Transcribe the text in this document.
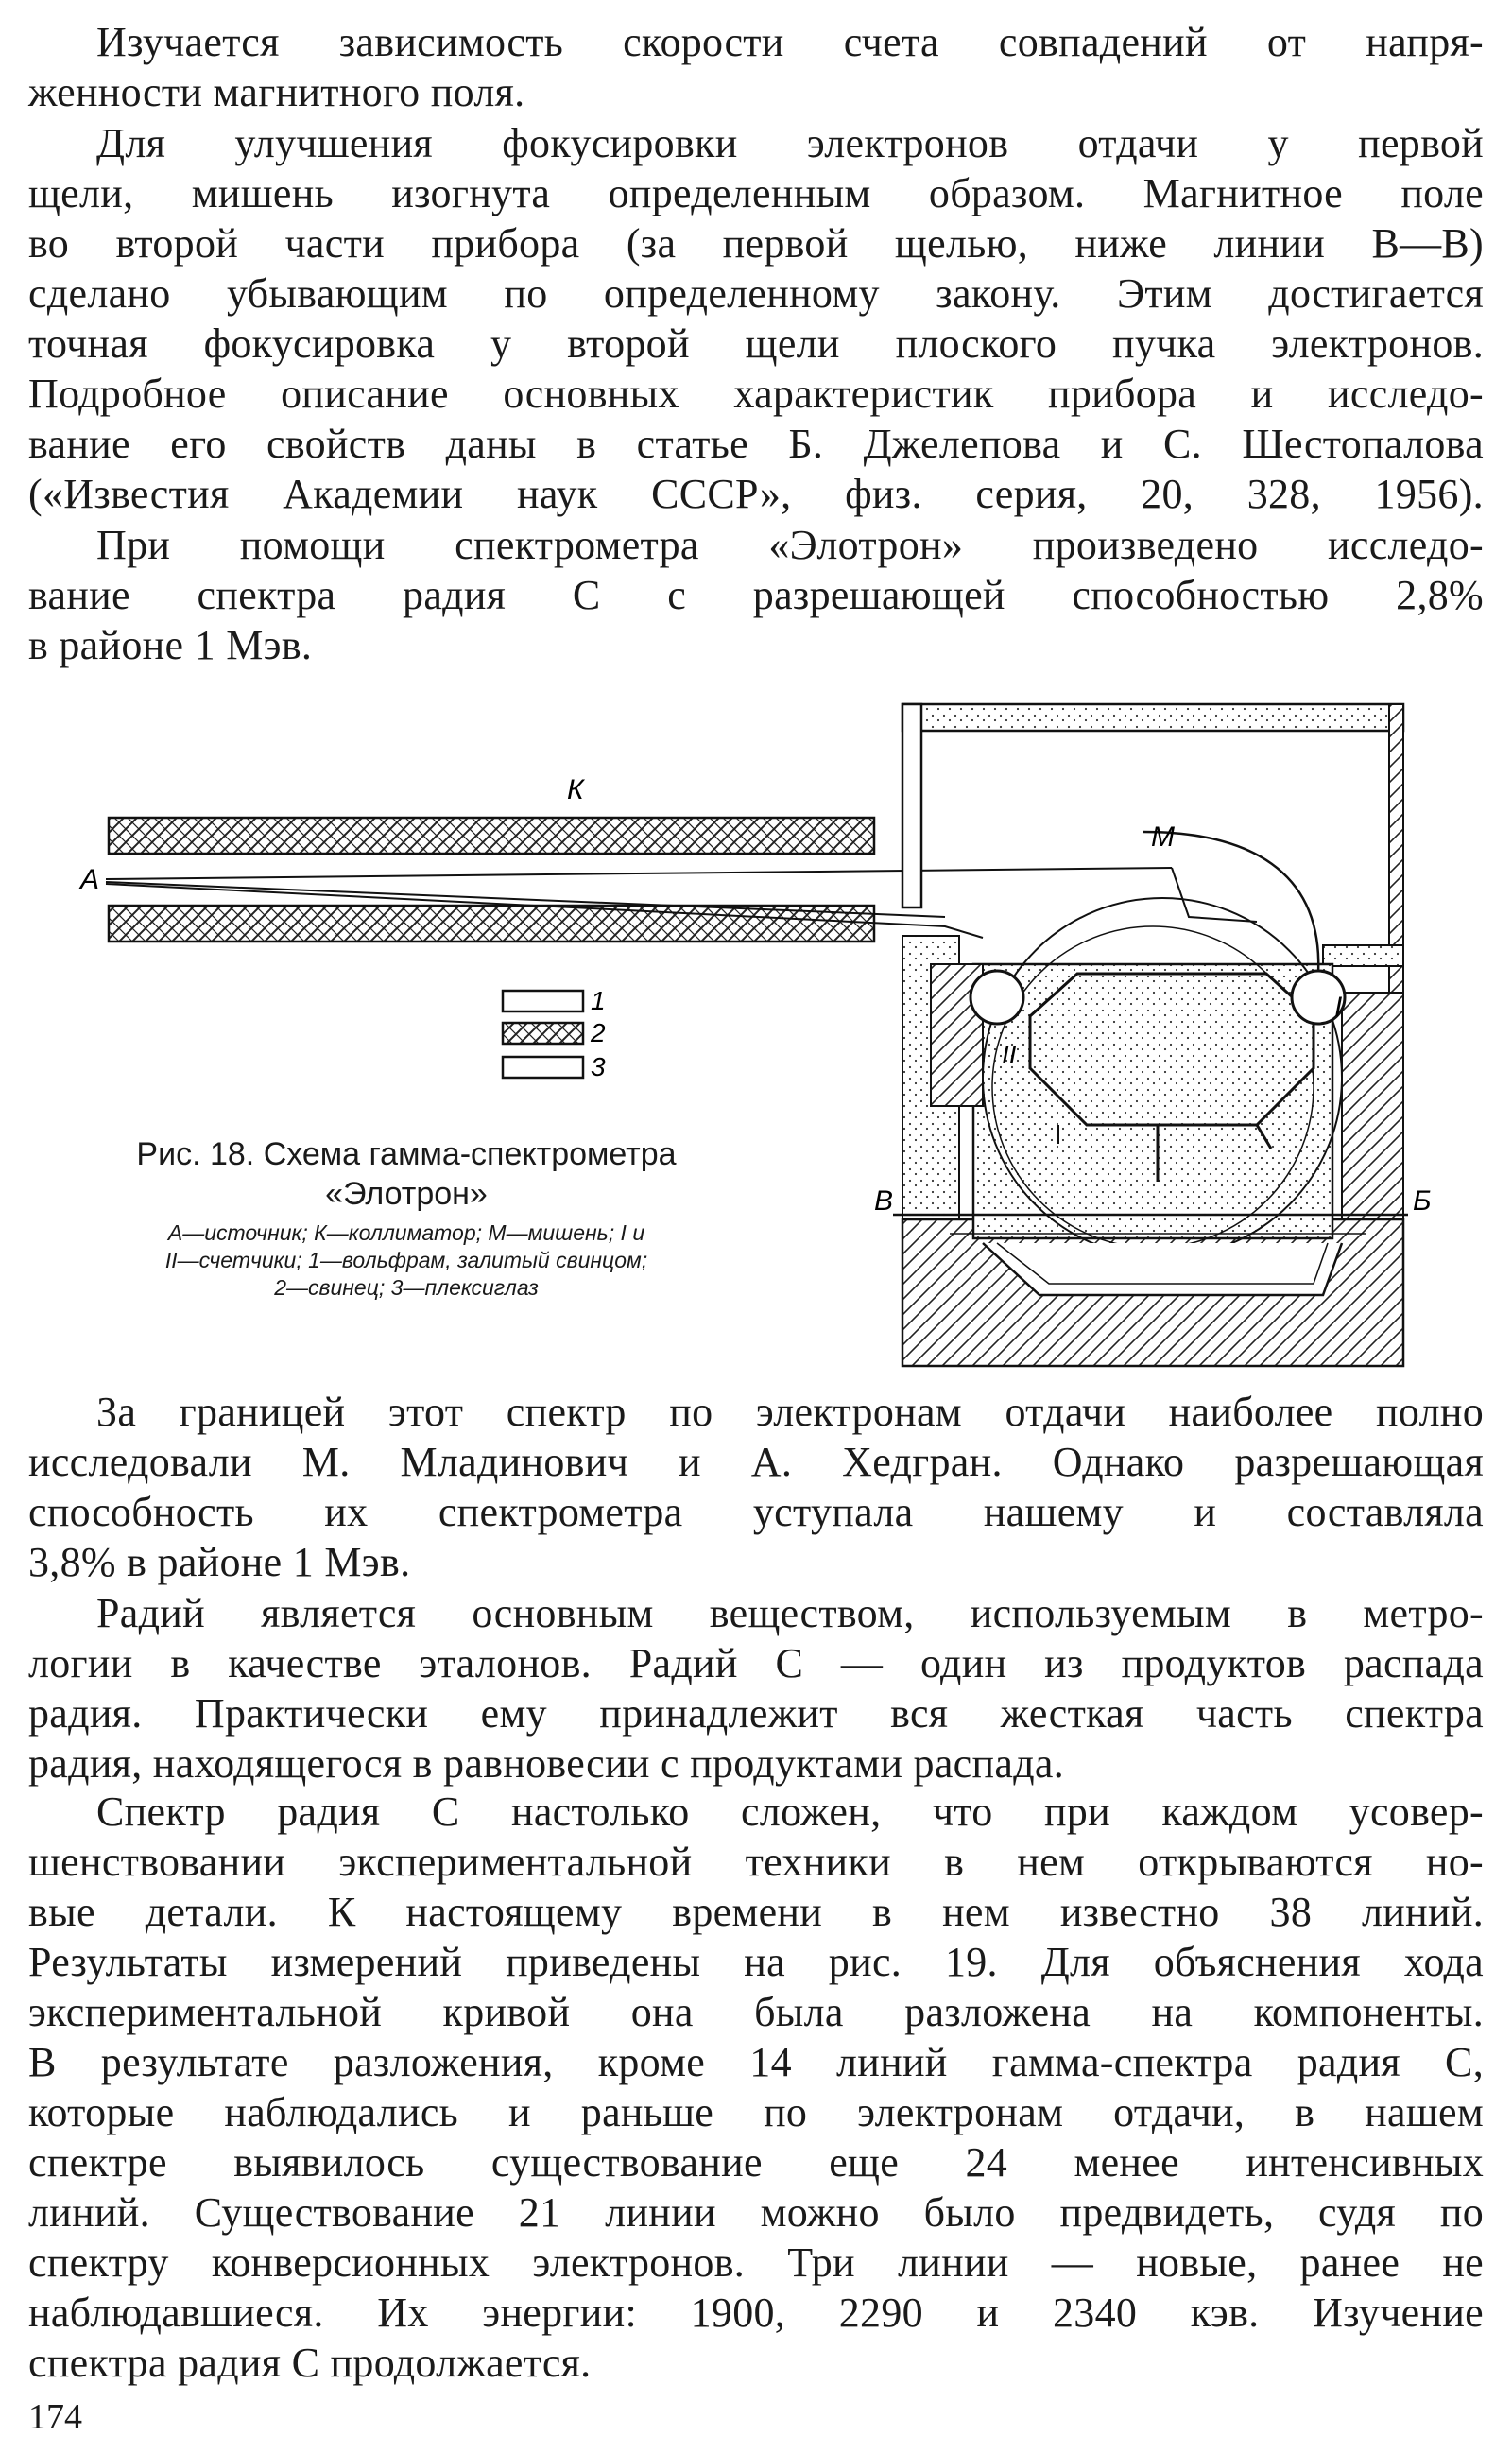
Изучается зависимость скорости счета совпадений от напря-
женности магнитного поля.
Для улучшения фокусировки электронов отдачи у первой
щели, мишень изогнута определенным образом. Магнитное поле
во второй части прибора (за первой щелью, ниже линии B—B)
сделано убывающим по определенному закону. Этим достигается
точная фокусировка у второй щели плоского пучка электронов.
Подробное описание основных характеристик прибора и исследо-
вание его свойств даны в статье Б. Джелепова и С. Шестопалова
(«Известия Академии наук СССР», физ. серия, 20, 328, 1956).
При помощи спектрометра «Элотрон» произведено исследо-
вание спектра радия С с разрешающей способностью 2,8%
в районе 1 Мэв.
I
II
А
К
М
В	Б
1
2
3
Рис. 18. Схема гамма-спектрометра
«Элотрон»
А—источник; К—коллиматор; М—мишень; I и
II—счетчики; 1—вольфрам, залитый свинцом;
2—свинец; 3—плексиглаз
За границей этот спектр по электронам отдачи наиболее полно
исследовали М. Младинович и А. Хедгран. Однако разрешающая
способность их спектрометра уступала нашему и составляла
3,8% в районе 1 Мэв.
Радий является основным веществом, используемым в метро-
логии в качестве эталонов. Радий С — один из продуктов распада
радия. Практически ему принадлежит вся жесткая часть спектра
радия, находящегося в равновесии с продуктами распада.
Спектр радия С настолько сложен, что при каждом усовер-
шенствовании экспериментальной техники в нем открываются но-
вые детали. К настоящему времени в нем известно 38 линий.
Результаты измерений приведены на рис. 19. Для объяснения хода
экспериментальной кривой она была разложена на компоненты.
В результате разложения, кроме 14 линий гамма-спектра радия С,
которые наблюдались и раньше по электронам отдачи, в нашем
спектре выявилось существование еще 24 менее интенсивных
линий. Существование 21 линии можно было предвидеть, судя по
спектру конверсионных электронов. Три линии — новые, ранее не
наблюдавшиеся. Их энергии: 1900, 2290 и 2340 кэв. Изучение
спектра радия С продолжается.
174
